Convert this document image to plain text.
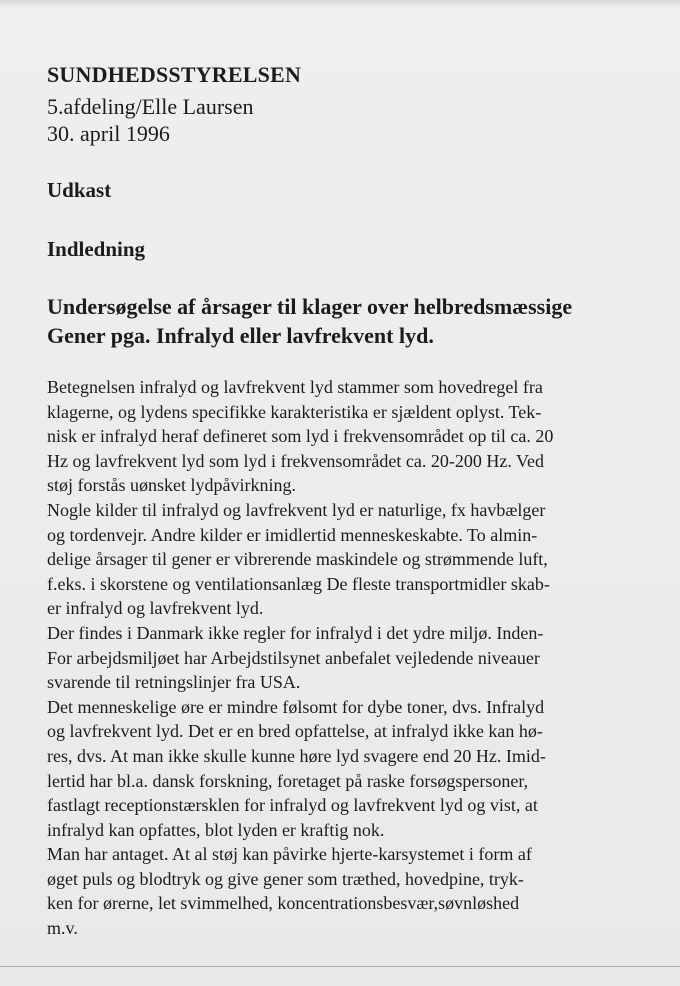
SUNDHEDSSTYRELSEN
5.afdeling/Elle Laursen
30. april 1996
Udkast
Indledning
Undersøgelse af årsager til klager over helbredsmæssige
Gener pga. Infralyd eller lavfrekvent lyd.

Betegnelsen infralyd og lavfrekvent lyd stammer som hovedregel fra
klagerne, og lydens specifikke karakteristika er sjældent oplyst. Tek-
nisk er infralyd heraf defineret som lyd i frekvensområdet op til ca. 20
Hz og lavfrekvent lyd som lyd i frekvensområdet ca. 20-200 Hz. Ved
støj forstås uønsket lydpåvirkning.

Nogle kilder til infralyd og lavfrekvent lyd er naturlige, fx havbælger
og tordenvejr. Andre kilder er imidlertid menneskeskabte. To almin-
delige årsager til gener er vibrerende maskindele og strømmende luft,
f.eks. i skorstene og ventilationsanlæg De fleste transportmidler skab-
er infralyd og lavfrekvent lyd.

Der findes i Danmark ikke regler for infralyd i det ydre miljø. Inden-
For arbejdsmiljøet har Arbejdstilsynet anbefalet vejledende niveauer
svarende til retningslinjer fra USA.

Det menneskelige øre er mindre følsomt for dybe toner, dvs. Infralyd
og lavfrekvent lyd. Det er en bred opfattelse, at infralyd ikke kan hø-
res, dvs. At man ikke skulle kunne høre lyd svagere end 20 Hz. Imid-
lertid har bl.a. dansk forskning, foretaget på raske forsøgspersoner,
fastlagt receptionstærsklen for infralyd og lavfrekvent lyd og vist, at
infralyd kan opfattes, blot lyden er kraftig nok.

Man har antaget. At al støj kan påvirke hjerte-karsystemet i form af
øget puls og blodtryk og give gener som træthed, hovedpine, tryk-
ken for ørerne, let svimmelhed, koncentrationsbesvær,søvnløshed
m.v.
